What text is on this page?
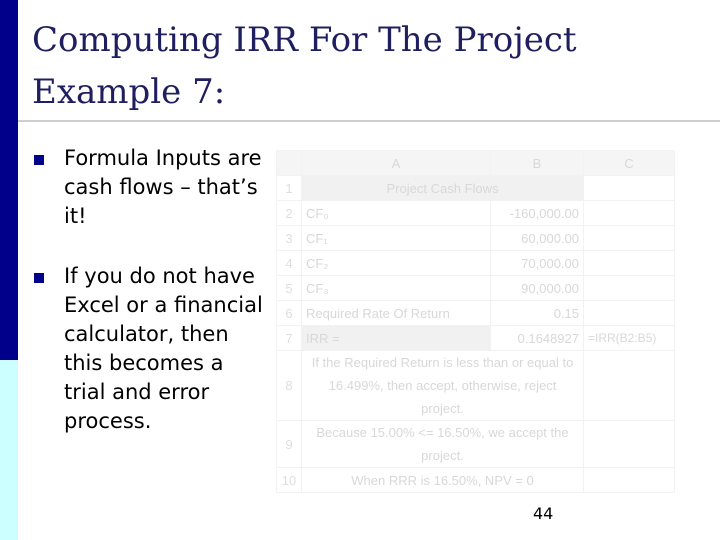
Computing IRR For The Project
Example 7:
Formula Inputs are cash flows – that’s it!
If you do not have Excel or a financial calculator, then this becomes a trial and error process.
	A	B	C
1	Project Cash Flows		
2	CF₀	-160,000.00	
3	CF₁	60,000.00	
4	CF₂	70,000.00	
5	CF₃	90,000.00	
6	Required Rate Of Return	0.15	
7	IRR =	0.1648927	=IRR(B2:B5)
8	If the Required Return is less than or equal to 16.499%, then accept, otherwise, reject project.		
9	Because 15.00% <= 16.50%, we accept the project.		
10	When RRR is 16.50%, NPV = 0		
44
